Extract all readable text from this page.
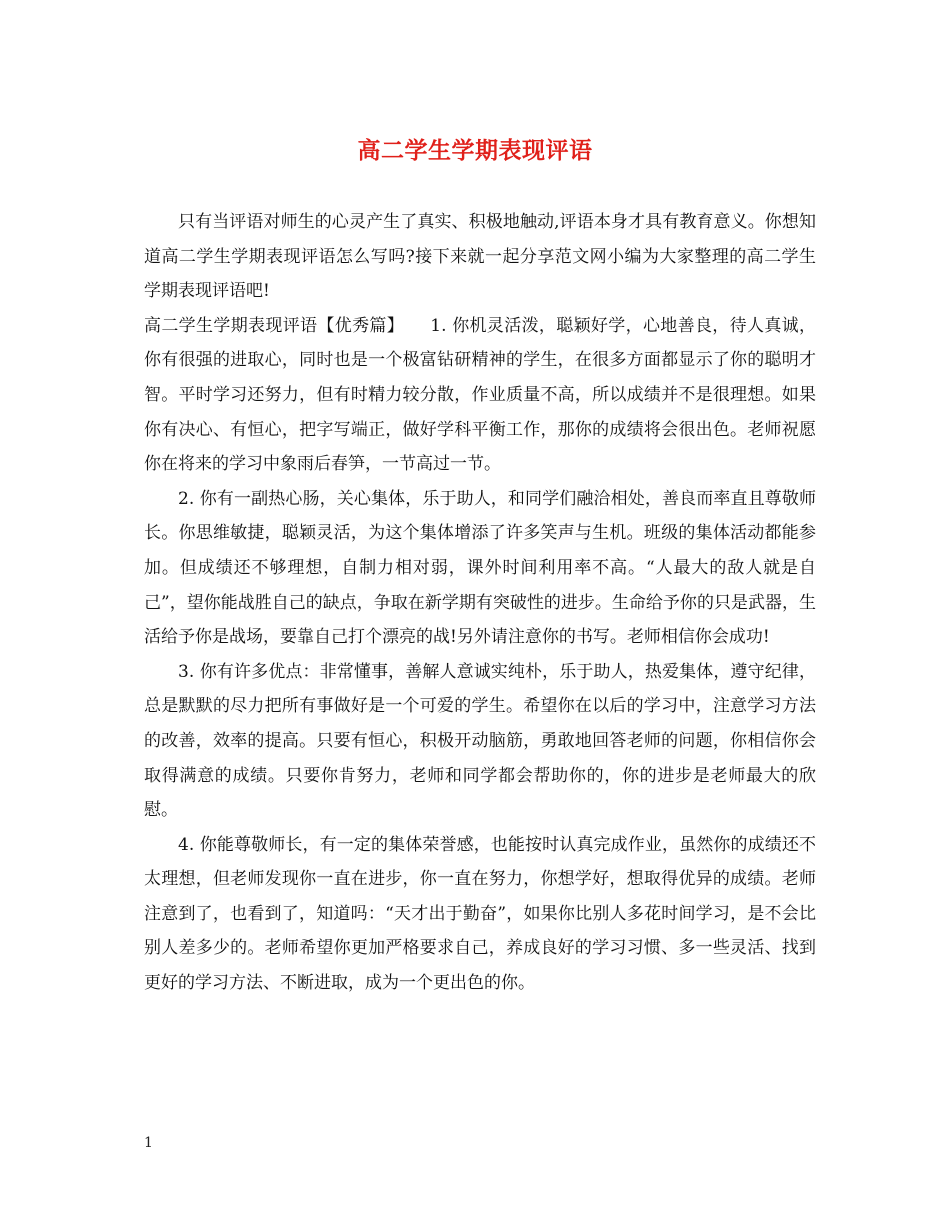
高二学生学期表现评语

只有当评语对师生的心灵产生了真实、积极地触动,评语本身才具有教育意义。你想知道高二学生学期表现评语怎么写吗?接下来就一起分享范文网小编为大家整理的高二学生学期表现评语吧!

高二学生学期表现评语【优秀篇】　　1. 你机灵活泼，聪颖好学，心地善良，待人真诚，你有很强的进取心，同时也是一个极富钻研精神的学生，在很多方面都显示了你的聪明才智。平时学习还努力，但有时精力较分散，作业质量不高，所以成绩并不是很理想。如果你有决心、有恒心，把字写端正，做好学科平衡工作，那你的成绩将会很出色。老师祝愿你在将来的学习中象雨后春笋，一节高过一节。

2. 你有一副热心肠，关心集体，乐于助人，和同学们融洽相处，善良而率直且尊敬师长。你思维敏捷，聪颖灵活，为这个集体增添了许多笑声与生机。班级的集体活动都能参加。但成绩还不够理想，自制力相对弱，课外时间利用率不高。“人最大的敌人就是自己”，望你能战胜自己的缺点，争取在新学期有突破性的进步。生命给予你的只是武器，生活给予你是战场，要靠自己打个漂亮的战!另外请注意你的书写。老师相信你会成功!

3. 你有许多优点：非常懂事，善解人意诚实纯朴，乐于助人，热爱集体，遵守纪律，总是默默的尽力把所有事做好是一个可爱的学生。希望你在以后的学习中，注意学习方法的改善，效率的提高。只要有恒心，积极开动脑筋，勇敢地回答老师的问题，你相信你会取得满意的成绩。只要你肯努力，老师和同学都会帮助你的，你的进步是老师最大的欣慰。

4. 你能尊敬师长，有一定的集体荣誉感，也能按时认真完成作业，虽然你的成绩还不太理想，但老师发现你一直在进步，你一直在努力，你想学好，想取得优异的成绩。老师注意到了，也看到了，知道吗：“天才出于勤奋”，如果你比别人多花时间学习，是不会比别人差多少的。老师希望你更加严格要求自己，养成良好的学习习惯、多一些灵活、找到更好的学习方法、不断进取，成为一个更出色的你。

1
